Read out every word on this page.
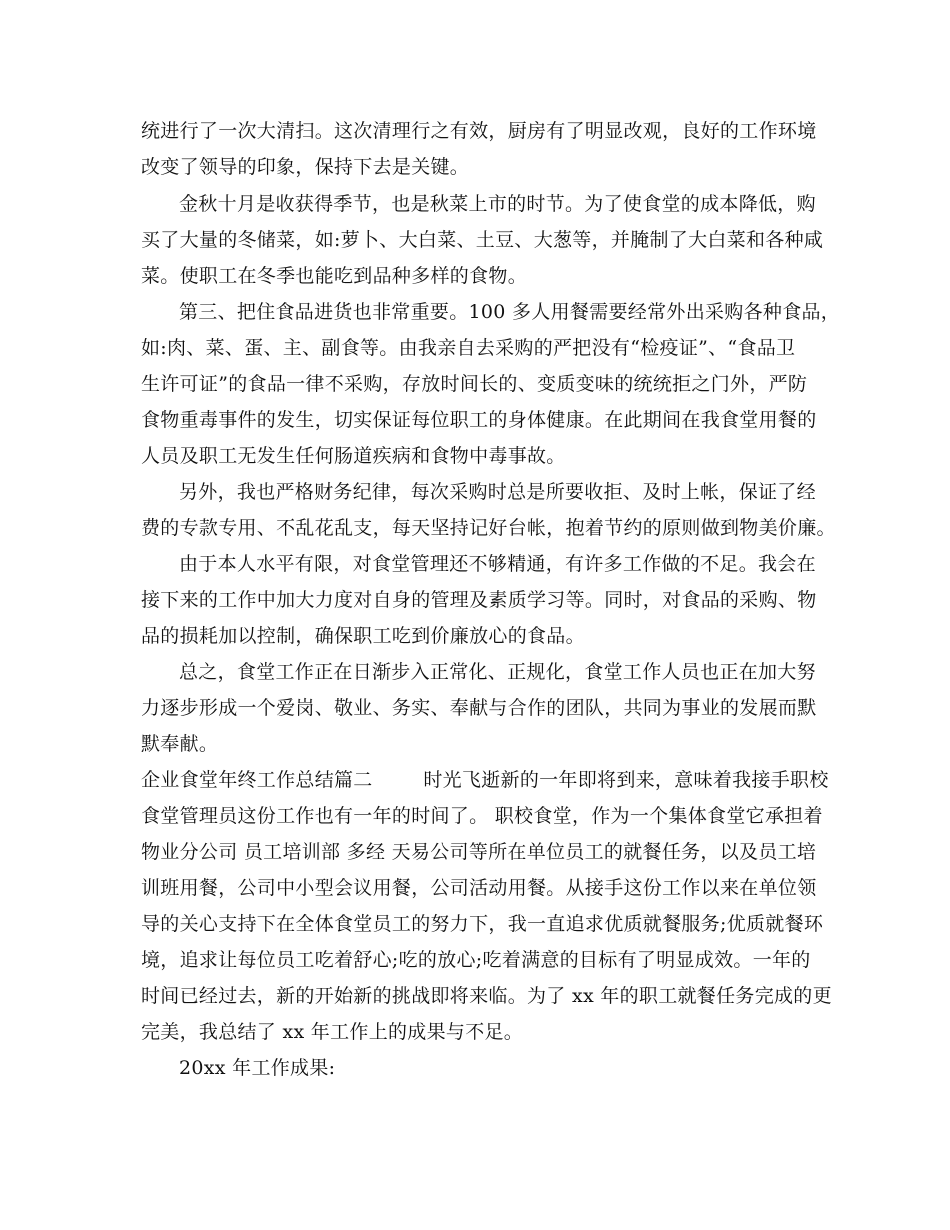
统进行了一次大清扫。这次清理行之有效，厨房有了明显改观，良好的工作环境
改变了领导的印象，保持下去是关键。
金秋十月是收获得季节，也是秋菜上市的时节。为了使食堂的成本降低，购
买了大量的冬储菜，如:萝卜、大白菜、土豆、大葱等，并腌制了大白菜和各种咸
菜。使职工在冬季也能吃到品种多样的食物。
第三、把住食品进货也非常重要。100 多人用餐需要经常外出采购各种食品，
如:肉、菜、蛋、主、副食等。由我亲自去采购的严把没有“检疫证”、“食品卫
生许可证”的食品一律不采购，存放时间长的、变质变味的统统拒之门外，严防
食物重毒事件的发生，切实保证每位职工的身体健康。在此期间在我食堂用餐的
人员及职工无发生任何肠道疾病和食物中毒事故。
另外，我也严格财务纪律，每次采购时总是所要收拒、及时上帐，保证了经
费的专款专用、不乱花乱支，每天坚持记好台帐，抱着节约的原则做到物美价廉。
由于本人水平有限，对食堂管理还不够精通，有许多工作做的不足。我会在
接下来的工作中加大力度对自身的管理及素质学习等。同时，对食品的采购、物
品的损耗加以控制，确保职工吃到价廉放心的食品。
总之，食堂工作正在日渐步入正常化、正规化，食堂工作人员也正在加大努
力逐步形成一个爱岗、敬业、务实、奉献与合作的团队，共同为事业的发展而默
默奉献。
企业食堂年终工作总结篇二        时光飞逝新的一年即将到来，意味着我接手职校
食堂管理员这份工作也有一年的时间了。 职校食堂，作为一个集体食堂它承担着
物业分公司 员工培训部 多经 天易公司等所在单位员工的就餐任务，以及员工培
训班用餐，公司中小型会议用餐，公司活动用餐。从接手这份工作以来在单位领
导的关心支持下在全体食堂员工的努力下，我一直追求优质就餐服务;优质就餐环
境，追求让每位员工吃着舒心;吃的放心;吃着满意的目标有了明显成效。一年的
时间已经过去，新的开始新的挑战即将来临。为了 xx 年的职工就餐任务完成的更
完美，我总结了 xx 年工作上的成果与不足。
20xx 年工作成果:
